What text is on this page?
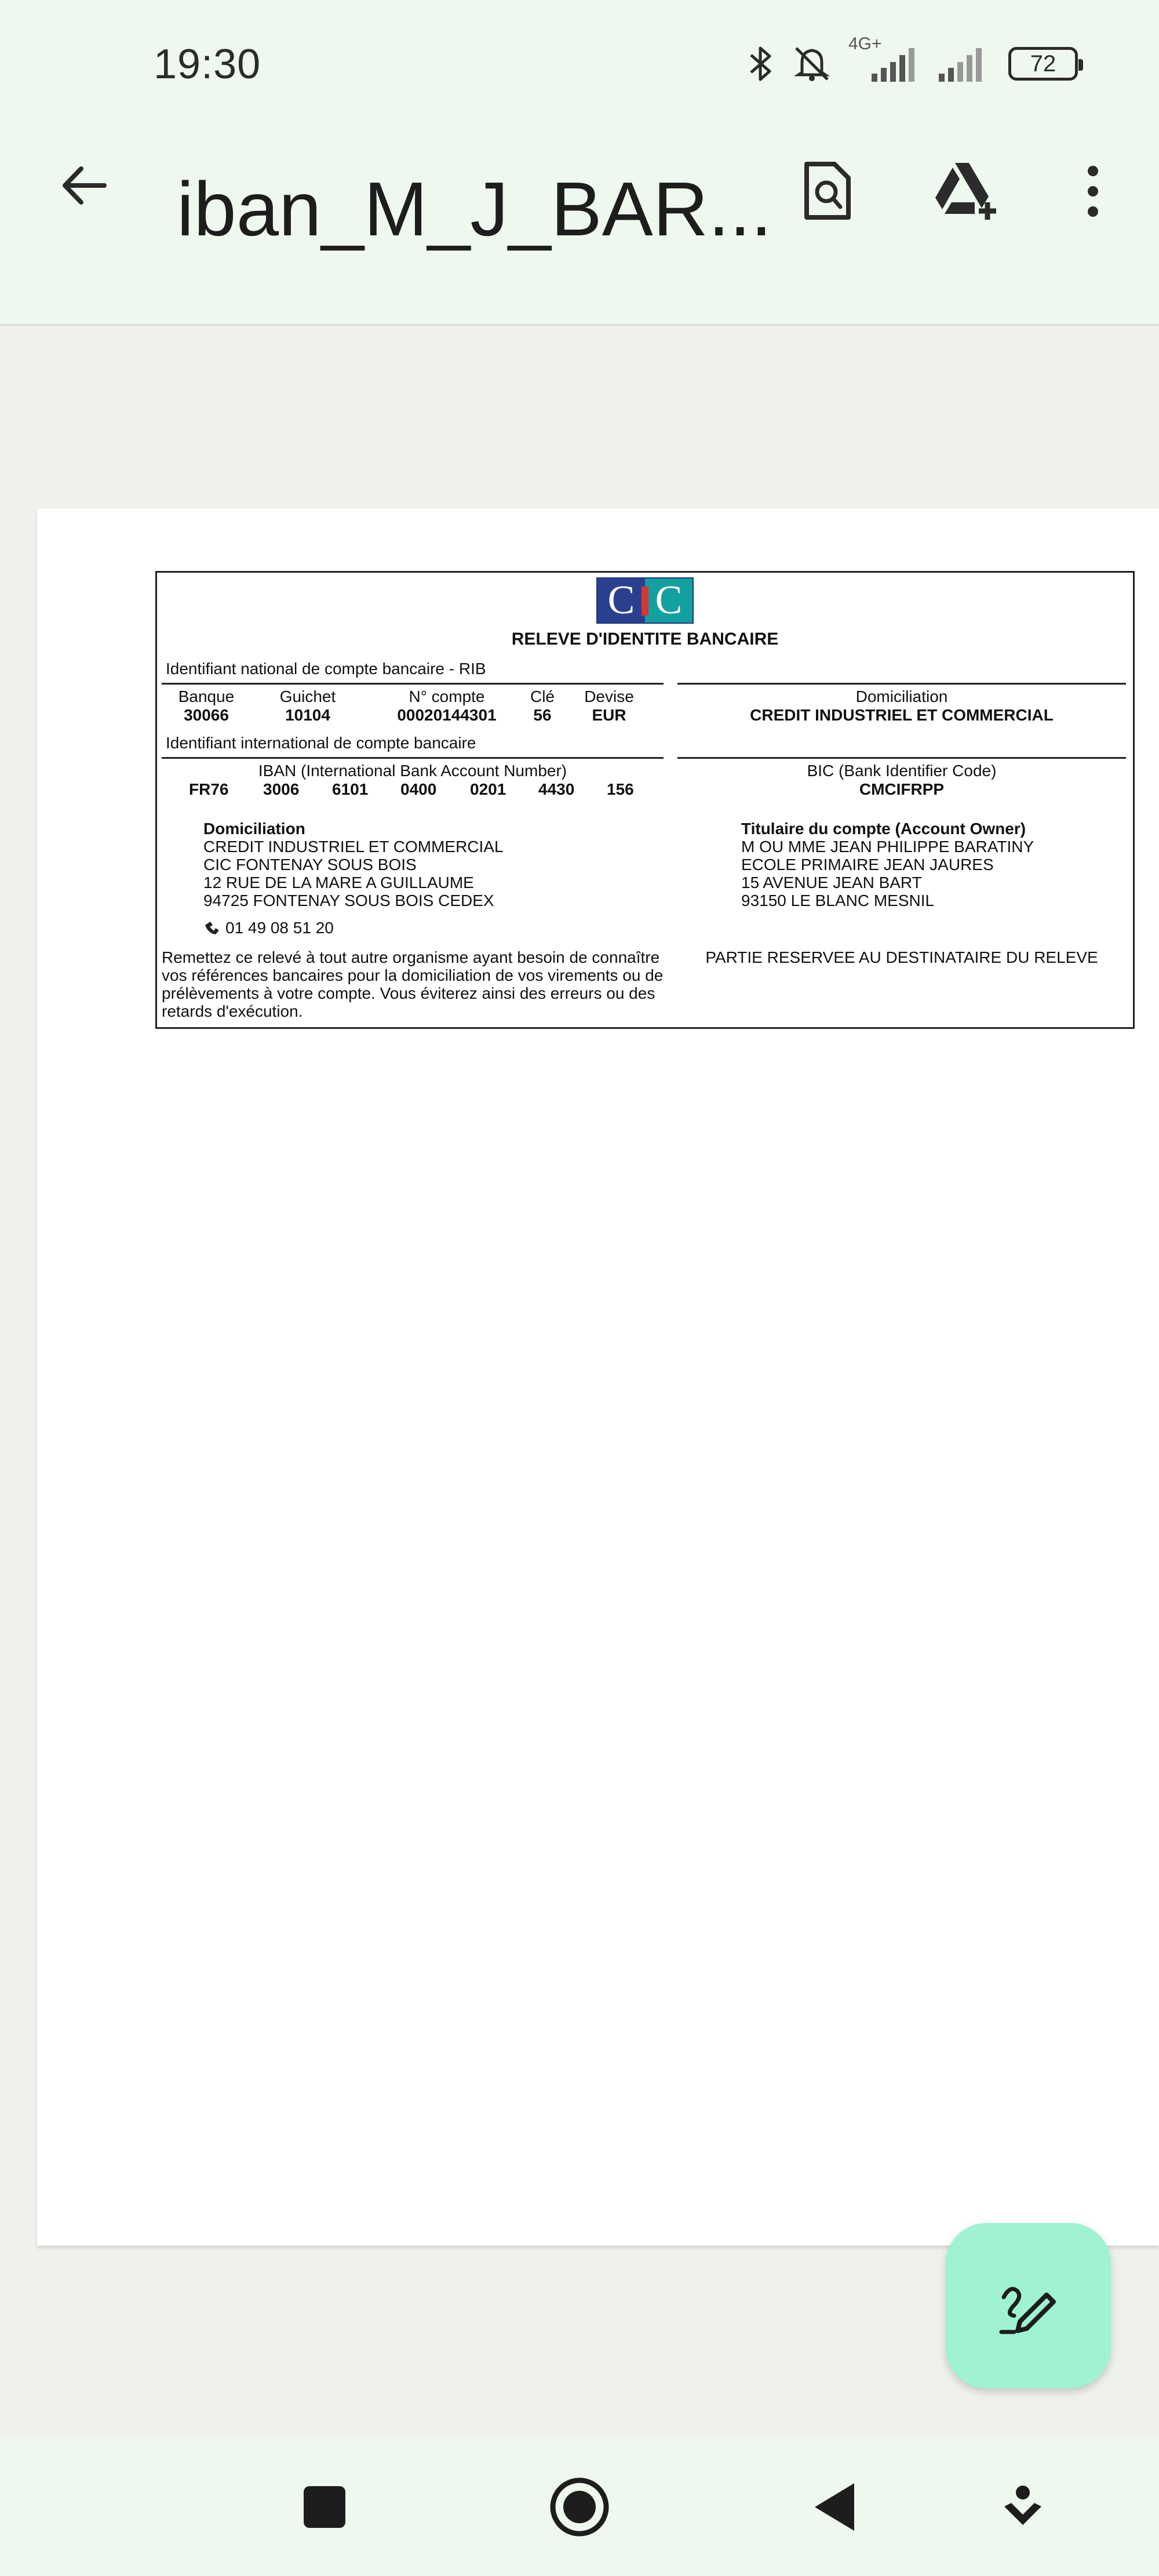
19:30	4G+
72
iban_M_J_BAR...
C C
RELEVE D'IDENTITE BANCAIRE
Identifiant national de compte bancaire - RIB
Banque
30066
Guichet
10104
N° compte
00020144301
Clé
56
Devise
EUR
Domiciliation
CREDIT INDUSTRIEL ET COMMERCIAL
Identifiant international de compte bancaire
IBAN (International Bank Account Number)
FR76 3006 6101 0400 0201 4430 156
BIC (Bank Identifier Code)
CMCIFRPP
Domiciliation
CREDIT INDUSTRIEL ET COMMERCIAL
CIC FONTENAY SOUS BOIS
12 RUE DE LA MARE A GUILLAUME
94725 FONTENAY SOUS BOIS CEDEX
01 49 08 51 20
Titulaire du compte (Account Owner)
M OU MME JEAN PHILIPPE BARATINY
ECOLE PRIMAIRE JEAN JAURES
15 AVENUE JEAN BART
93150 LE BLANC MESNIL
Remettez ce relevé à tout autre organisme ayant besoin de connaître
vos références bancaires pour la domiciliation de vos virements ou de
prélèvements à votre compte. Vous éviterez ainsi des erreurs ou des
retards d'exécution.
PARTIE RESERVEE AU DESTINATAIRE DU RELEVE
